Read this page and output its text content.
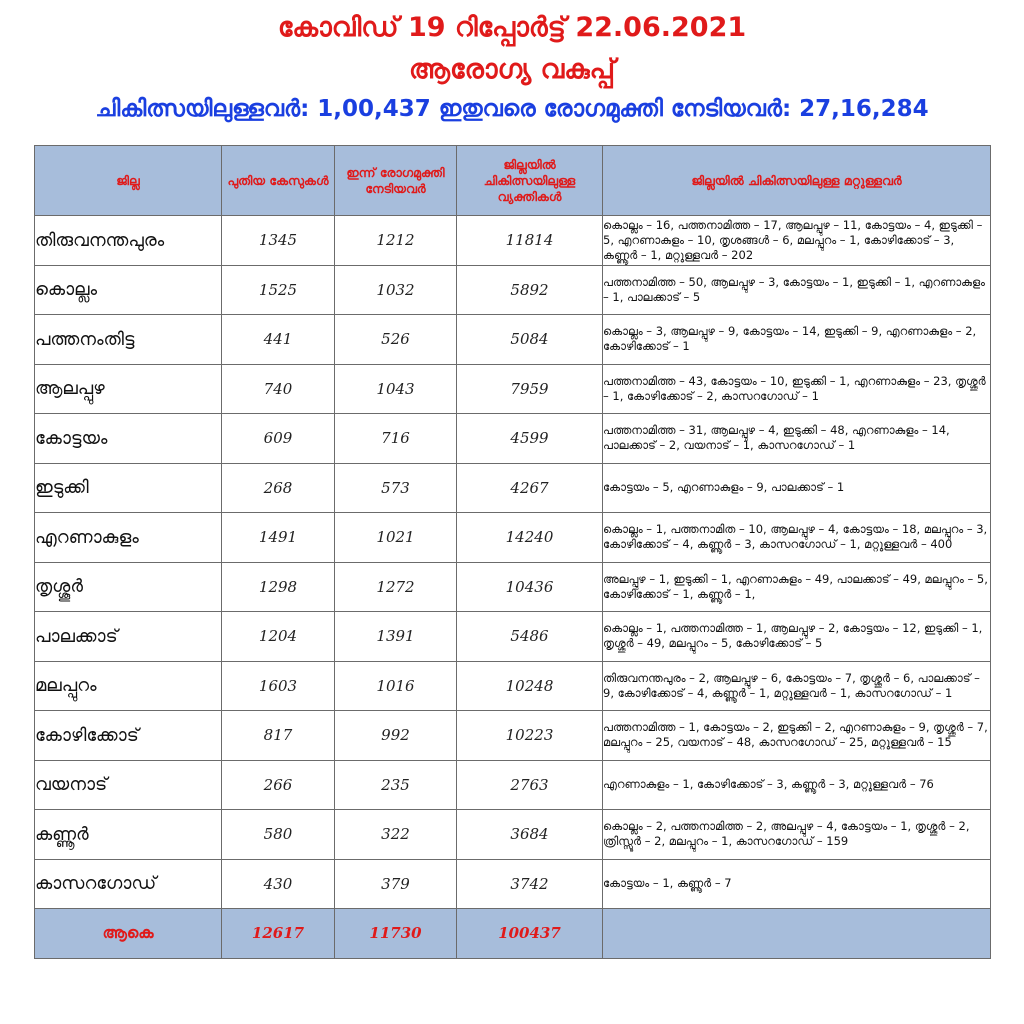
കോവിഡ് 19 റിപ്പോർട്ട് 22.06.2021
ആരോഗ്യ വകുപ്പ്
ചികിത്സയിലുള്ളവർ: 1,00,437 ഇതുവരെ രോഗമുക്തി നേടിയവർ: 27,16,284
ജില്ല	പുതിയ കേസുകൾ	ഇന്ന് രോഗമുക്തി നേടിയവർ	ജില്ലയിൽ ചികിത്സയിലുള്ള വ്യക്തികൾ	ജില്ലയിൽ ചികിത്സയിലുള്ള മറ്റുള്ളവർ
തിരുവനന്തപുരം	1345	1212	11814	കൊല്ലം – 16, പത്തനാമിത്ത – 17, ആലപ്പുഴ – 11, കോട്ടയം – 4, ഇടുക്കി – 5, എറണാകുളം – 10, തൃശങ്ങൾ – 6, മലപ്പുറം – 1, കോഴിക്കോട് – 3, കണ്ണൂർ – 1, മറ്റുള്ളവർ – 202
കൊല്ലം	1525	1032	5892	പത്തനാമിത്ത – 50, ആലപ്പുഴ – 3, കോട്ടയം – 1, ഇടുക്കി – 1, എറണാകുളം – 1, പാലക്കാട് – 5
പത്തനംതിട്ട	441	526	5084	കൊല്ലം – 3, ആലപ്പുഴ – 9, കോട്ടയം – 14, ഇടുക്കി – 9, എറണാകുളം – 2, കോഴിക്കോട് – 1
ആലപ്പുഴ	740	1043	7959	പത്തനാമിത്ത – 43, കോട്ടയം – 10, ഇടുക്കി – 1, എറണാകുളം – 23, തൃശ്ശൂർ – 1, കോഴിക്കോട് – 2, കാസറഗോഡ് – 1
കോട്ടയം	609	716	4599	പത്തനാമിത്ത – 31, ആലപ്പുഴ – 4, ഇടുക്കി – 48, എറണാകുളം – 14, പാലക്കാട് – 2, വയനാട് – 1, കാസറഗോഡ് – 1
ഇടുക്കി	268	573	4267	കോട്ടയം – 5, എറണാകുളം – 9, പാലക്കാട് – 1
എറണാകുളം	1491	1021	14240	കൊല്ലം – 1, പത്തനാമിത – 10, ആലപ്പുഴ – 4, കോട്ടയം – 18, മലപ്പുറം – 3, കോഴിക്കോട് – 4, കണ്ണൂർ – 3, കാസറഗോഡ് – 1, മറ്റുള്ളവർ – 400
തൃശ്ശൂർ	1298	1272	10436	അലപ്പുഴ – 1, ഇടുക്കി – 1, എറണാകുളം – 49, പാലക്കാട് – 49, മലപ്പുറം – 5, കോഴിക്കോട് – 1, കണ്ണൂർ – 1,
പാലക്കാട്	1204	1391	5486	കൊല്ലം – 1, പത്തനാമിത്ത – 1, ആലപ്പുഴ – 2, കോട്ടയം – 12, ഇടുക്കി – 1, തൃശ്ശൂർ – 49, മലപ്പുറം – 5, കോഴിക്കോട് – 5
മലപ്പുറം	1603	1016	10248	തിരുവനന്തപുരം – 2, ആലപ്പുഴ – 6, കോട്ടയം – 7, തൃശ്ശൂർ – 6, പാലക്കാട് – 9, കോഴിക്കോട് – 4, കണ്ണൂർ – 1, മറ്റുള്ളവർ – 1, കാസറഗോഡ് – 1
കോഴിക്കോട്	817	992	10223	പത്തനാമിത്ത – 1, കോട്ടയം – 2, ഇടുക്കി – 2, എറണാകുളം – 9, തൃശ്ശൂർ – 7, മലപ്പുറം – 25, വയനാട് – 48, കാസറഗോഡ് – 25, മറ്റുള്ളവർ – 15
വയനാട്	266	235	2763	എറണാകുളം – 1, കോഴിക്കോട് – 3, കണ്ണൂർ – 3, മറ്റുള്ളവർ – 76
കണ്ണൂർ	580	322	3684	കൊല്ലം – 2, പത്തനാമിത്ത – 2, അലപ്പുഴ – 4, കോട്ടയം – 1, തൃശ്ശൂർ – 2, ത്രിസ്സൂർ – 2, മലപ്പുറം – 1, കാസറഗോഡ് – 159
കാസറഗോഡ്	430	379	3742	കോട്ടയം – 1, കണ്ണൂർ – 7
ആകെ	12617	11730	100437	
